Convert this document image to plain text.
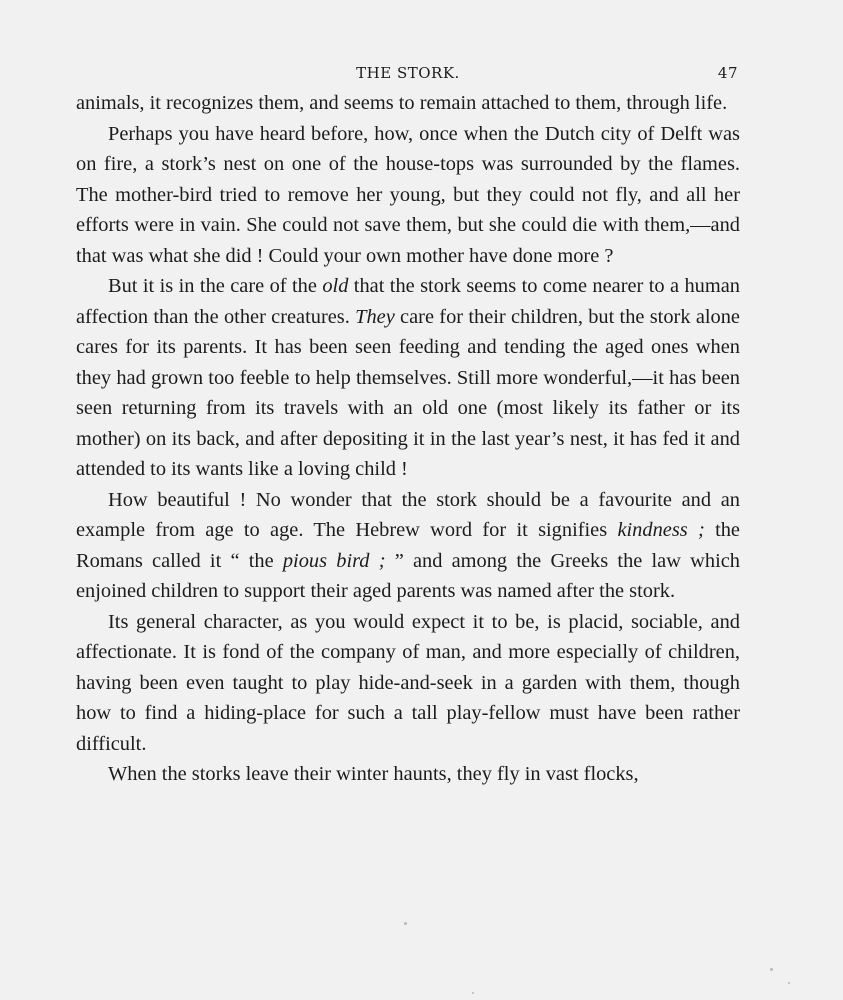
THE STORK.	47

animals, it recognizes them, and seems to remain attached to them, through life.

Perhaps you have heard before, how, once when the Dutch city of Delft was on fire, a stork’s nest on one of the house-tops was surrounded by the flames. The mother-bird tried to remove her young, but they could not fly, and all her efforts were in vain. She could not save them, but she could die with them,—and that was what she did ! Could your own mother have done more ?

But it is in the care of the old that the stork seems to come nearer to a human affection than the other creatures. They care for their children, but the stork alone cares for its parents. It has been seen feeding and tending the aged ones when they had grown too feeble to help themselves. Still more wonderful,—it has been seen returning from its travels with an old one (most likely its father or its mother) on its back, and after depositing it in the last year’s nest, it has fed it and attended to its wants like a loving child !

How beautiful ! No wonder that the stork should be a favourite and an example from age to age. The Hebrew word for it signifies kindness ; the Romans called it “ the pious bird ; ” and among the Greeks the law which enjoined children to support their aged parents was named after the stork.

Its general character, as you would expect it to be, is placid, sociable, and affectionate. It is fond of the company of man, and more especially of children, having been even taught to play hide-and-seek in a garden with them, though how to find a hiding-place for such a tall play-fellow must have been rather difficult.

When the storks leave their winter haunts, they fly in vast flocks,
